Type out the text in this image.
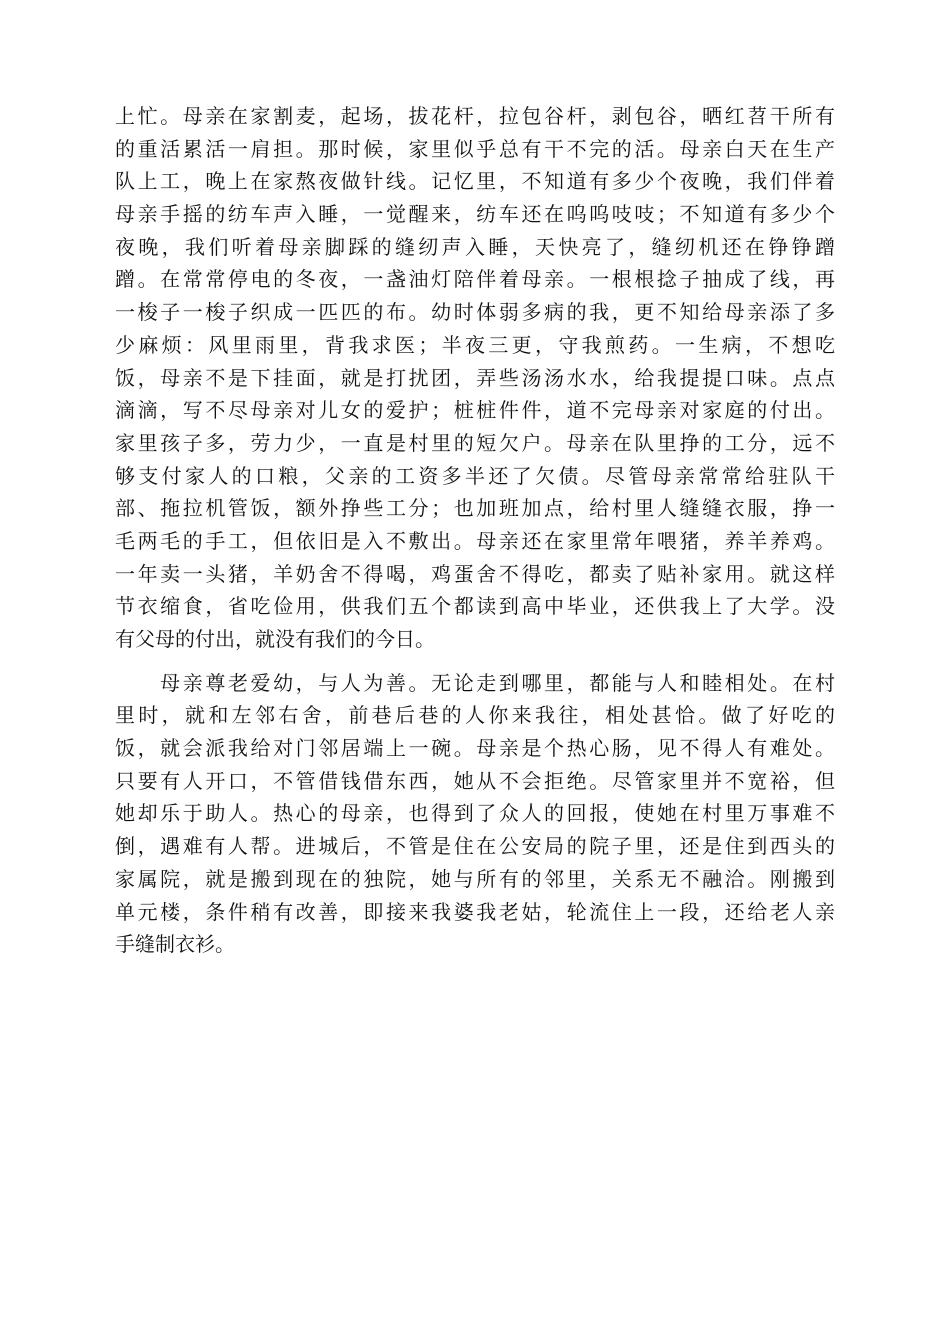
上忙。母亲在家割麦，起场，拔花杆，拉包谷杆，剥包谷，晒红苕干所有
的重活累活一肩担。那时候，家里似乎总有干不完的活。母亲白天在生产
队上工，晚上在家熬夜做针线。记忆里，不知道有多少个夜晚，我们伴着
母亲手摇的纺车声入睡，一觉醒来，纺车还在呜呜吱吱；不知道有多少个
夜晚，我们听着母亲脚踩的缝纫声入睡，天快亮了，缝纫机还在铮铮蹭
蹭。在常常停电的冬夜，一盏油灯陪伴着母亲。一根根捻子抽成了线，再
一梭子一梭子织成一匹匹的布。幼时体弱多病的我，更不知给母亲添了多
少麻烦：风里雨里，背我求医；半夜三更，守我煎药。一生病，不想吃
饭，母亲不是下挂面，就是打扰团，弄些汤汤水水，给我提提口味。点点
滴滴，写不尽母亲对儿女的爱护；桩桩件件，道不完母亲对家庭的付出。
家里孩子多，劳力少，一直是村里的短欠户。母亲在队里挣的工分，远不
够支付家人的口粮，父亲的工资多半还了欠债。尽管母亲常常给驻队干
部、拖拉机管饭，额外挣些工分；也加班加点，给村里人缝缝衣服，挣一
毛两毛的手工，但依旧是入不敷出。母亲还在家里常年喂猪，养羊养鸡。
一年卖一头猪，羊奶舍不得喝，鸡蛋舍不得吃，都卖了贴补家用。就这样
节衣缩食，省吃俭用，供我们五个都读到高中毕业，还供我上了大学。没
有父母的付出，就没有我们的今日。
　　母亲尊老爱幼，与人为善。无论走到哪里，都能与人和睦相处。在村
里时，就和左邻右舍，前巷后巷的人你来我往，相处甚恰。做了好吃的
饭，就会派我给对门邻居端上一碗。母亲是个热心肠，见不得人有难处。
只要有人开口，不管借钱借东西，她从不会拒绝。尽管家里并不宽裕，但
她却乐于助人。热心的母亲，也得到了众人的回报，使她在村里万事难不
倒，遇难有人帮。进城后，不管是住在公安局的院子里，还是住到西头的
家属院，就是搬到现在的独院，她与所有的邻里，关系无不融洽。刚搬到
单元楼，条件稍有改善，即接来我婆我老姑，轮流住上一段，还给老人亲
手缝制衣衫。
